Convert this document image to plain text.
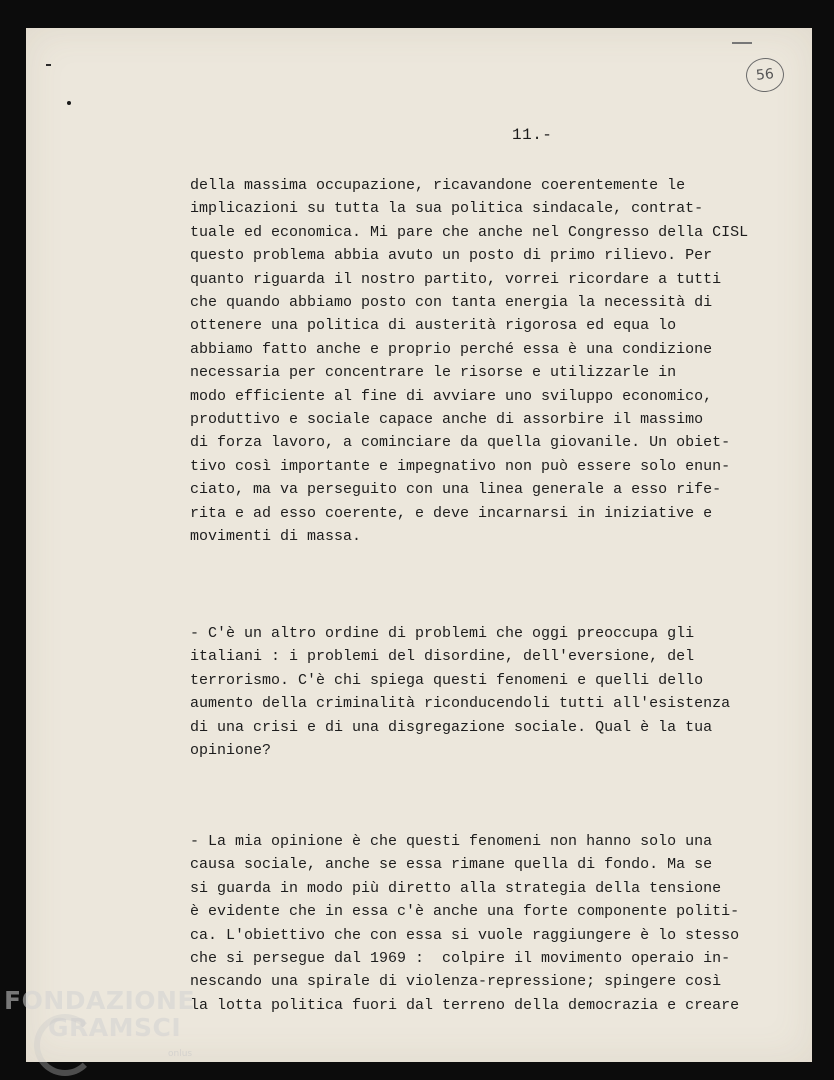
56
11.-
della massima occupazione, ricavandone coerentemente le
implicazioni su tutta la sua politica sindacale, contrat-
tuale ed economica. Mi pare che anche nel Congresso della CISL
questo problema abbia avuto un posto di primo rilievo. Per
quanto riguarda il nostro partito, vorrei ricordare a tutti
che quando abbiamo posto con tanta energia la necessità di
ottenere una politica di austerità rigorosa ed equa lo
abbiamo fatto anche e proprio perché essa è una condizione
necessaria per concentrare le risorse e utilizzarle in
modo efficiente al fine di avviare uno sviluppo economico,
produttivo e sociale capace anche di assorbire il massimo
di forza lavoro, a cominciare da quella giovanile. Un obiet-
tivo così importante e impegnativo non può essere solo enun-
ciato, ma va perseguito con una linea generale a esso rife-
rita e ad esso coerente, e deve incarnarsi in iniziative e
movimenti di massa.
- C'è un altro ordine di problemi che oggi preoccupa gli
italiani : i problemi del disordine, dell'eversione, del
terrorismo. C'è chi spiega questi fenomeni e quelli dello
aumento della criminalità riconducendoli tutti all'esistenza
di una crisi e di una disgregazione sociale. Qual è la tua
opinione?
- La mia opinione è che questi fenomeni non hanno solo una
causa sociale, anche se essa rimane quella di fondo. Ma se
si guarda in modo più diretto alla strategia della tensione
è evidente che in essa c'è anche una forte componente politi-
ca. L'obiettivo che con essa si vuole raggiungere è lo stesso
che si persegue dal 1969 :  colpire il movimento operaio in-
nescando una spirale di violenza-repressione; spingere così
la lotta politica fuori dal terreno della democrazia e creare
FONDAZIONE
GRAMSCI
onlus
